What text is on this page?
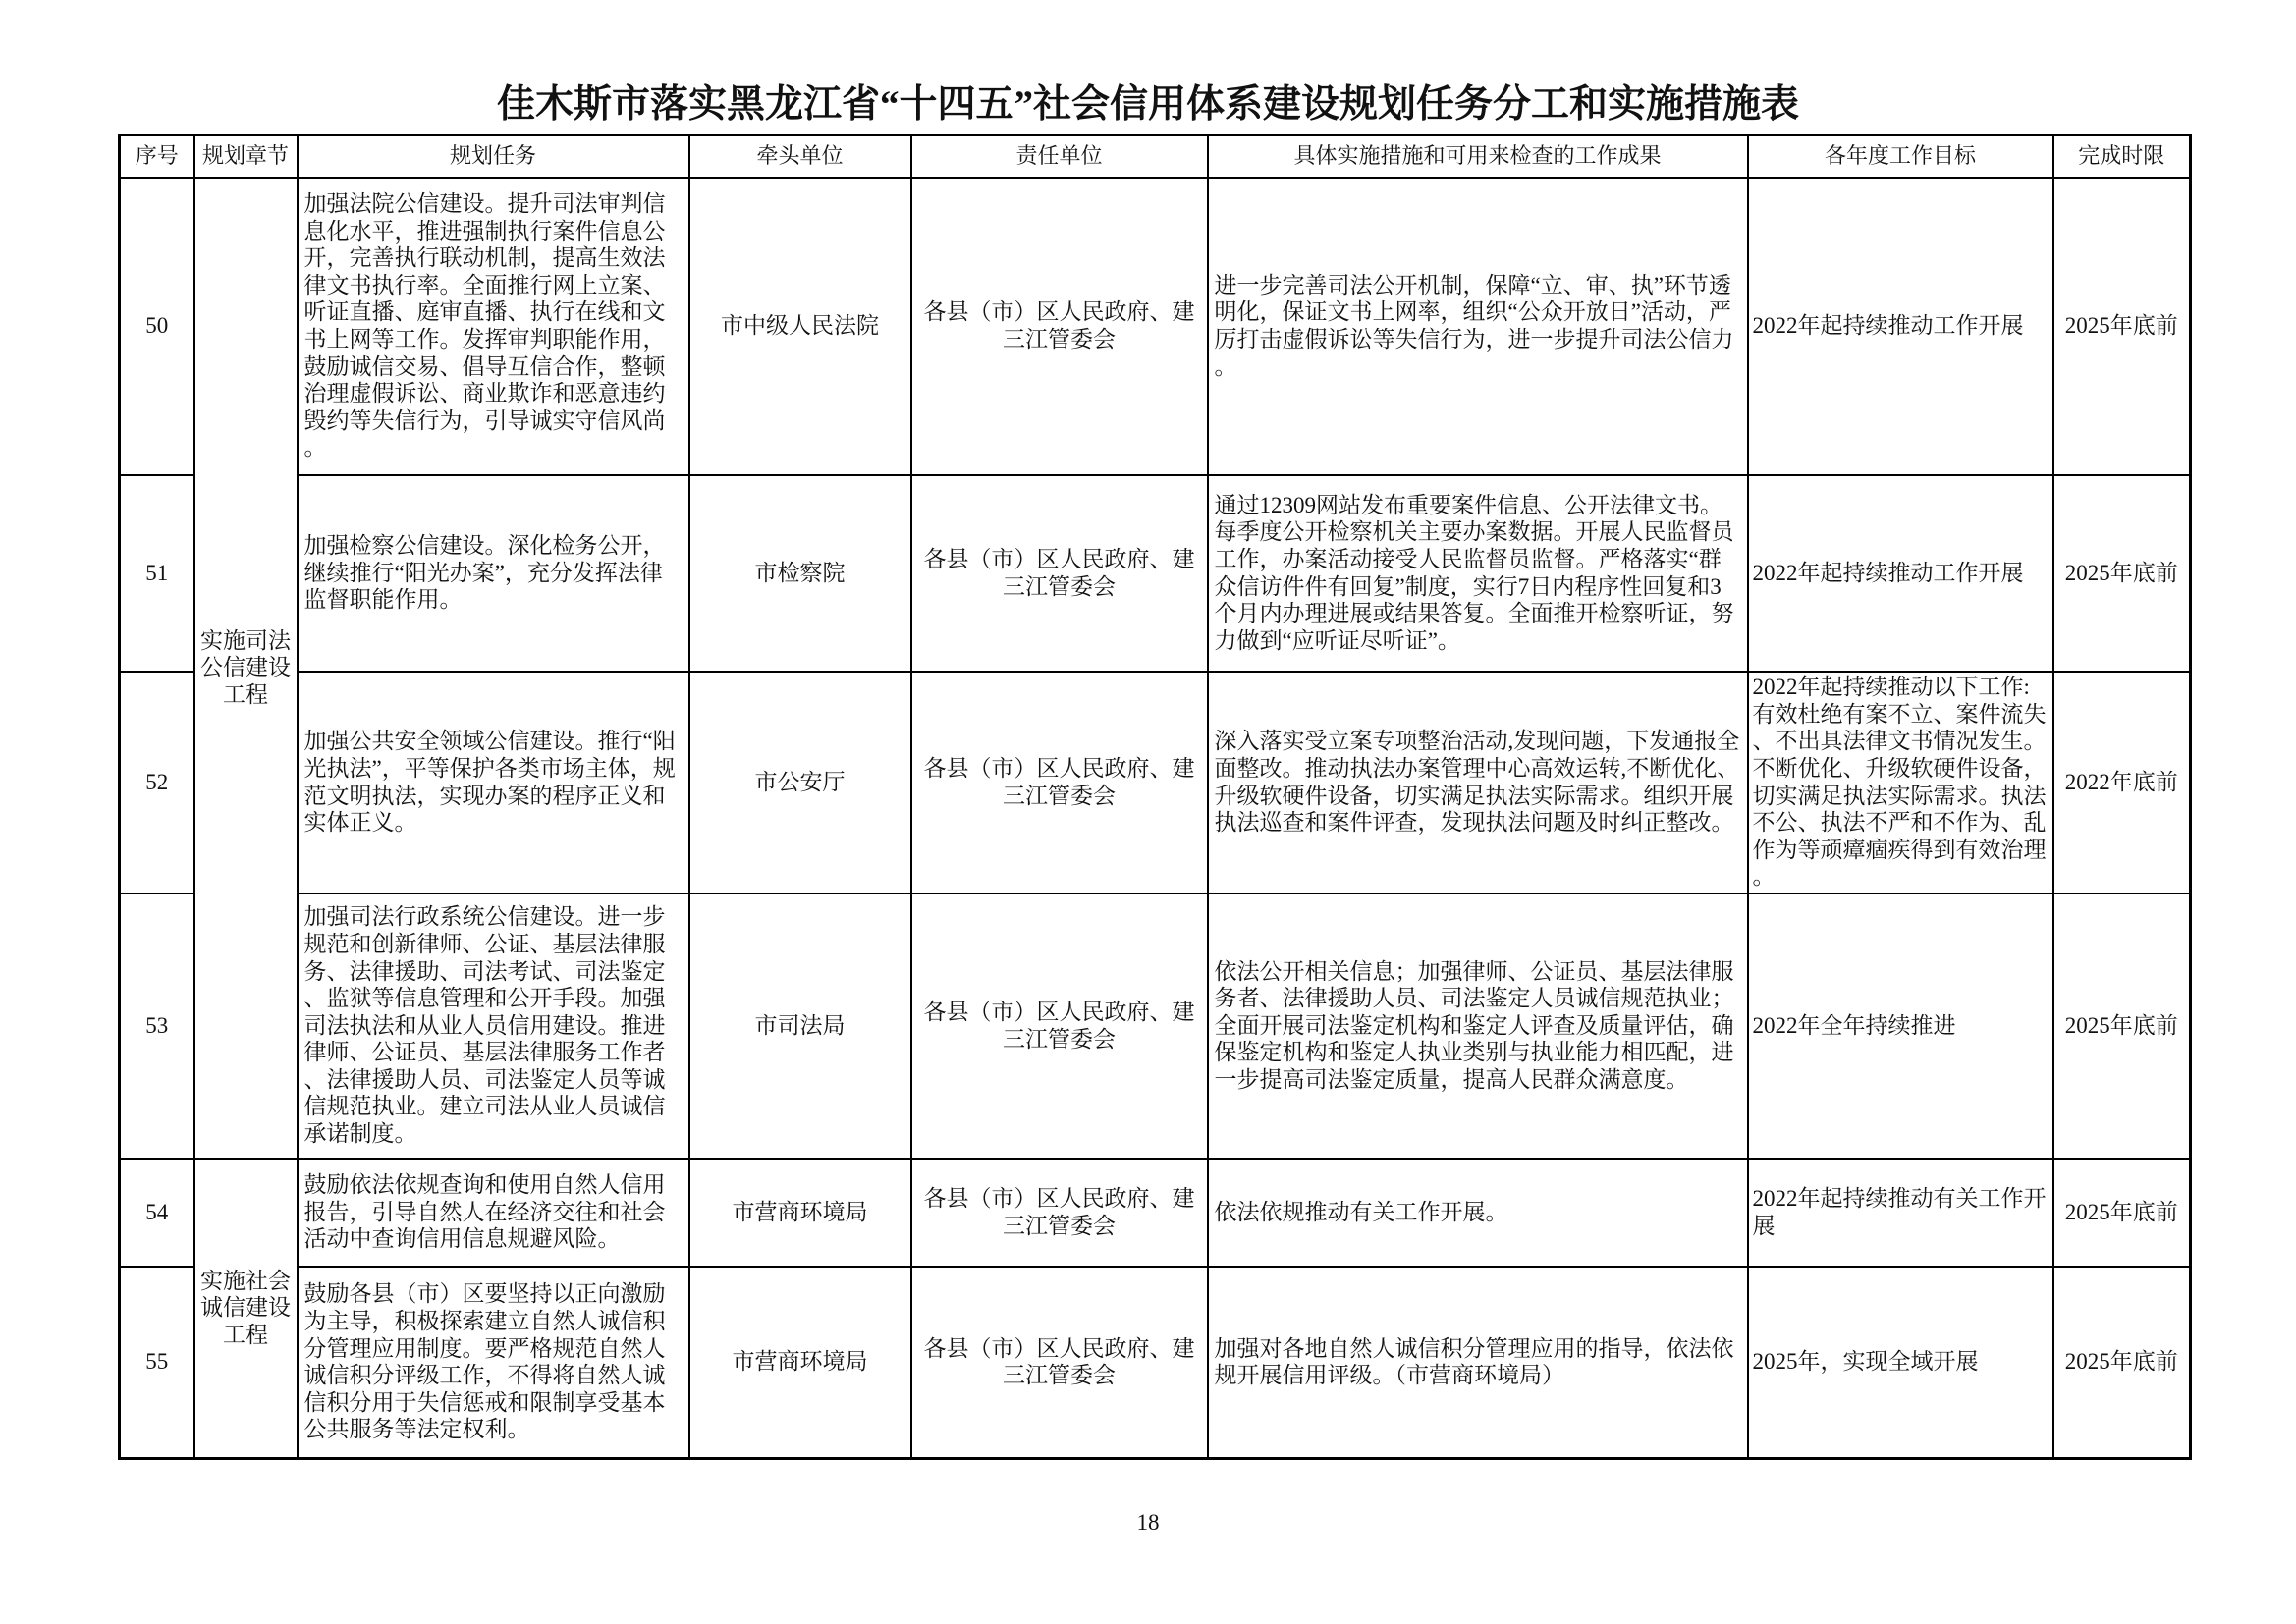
佳木斯市落实黑龙江省“十四五”社会信用体系建设规划任务分工和实施措施表
序号	规划章节	规划任务	牵头单位	责任单位	具体实施措施和可用来检查的工作成果	各年度工作目标	完成时限
50	实施司法公信建设工程	加强法院公信建设。提升司法审判信息化水平，推进强制执行案件信息公开，完善执行联动机制，提高生效法律文书执行率。全面推行网上立案、听证直播、庭审直播、执行在线和文书上网等工作。发挥审判职能作用，鼓励诚信交易、倡导互信合作，整顿治理虚假诉讼、商业欺诈和恶意违约毁约等失信行为，引导诚实守信风尚。	市中级人民法院	各县（市）区人民政府、建三江管委会	进一步完善司法公开机制，保障“立、审、执”环节透明化，保证文书上网率，组织“公众开放日”活动，严厉打击虚假诉讼等失信行为，进一步提升司法公信力。	2022年起持续推动工作开展	2025年底前
51		加强检察公信建设。深化检务公开，继续推行“阳光办案”，充分发挥法律监督职能作用。	市检察院	各县（市）区人民政府、建三江管委会	通过12309网站发布重要案件信息、公开法律文书。每季度公开检察机关主要办案数据。开展人民监督员工作，办案活动接受人民监督员监督。严格落实“群众信访件件有回复”制度，实行7日内程序性回复和3个月内办理进展或结果答复。全面推开检察听证，努力做到“应听证尽听证”。	2022年起持续推动工作开展	2025年底前
52		加强公共安全领域公信建设。推行“阳光执法”，平等保护各类市场主体，规范文明执法，实现办案的程序正义和实体正义。	市公安厅	各县（市）区人民政府、建三江管委会	深入落实受立案专项整治活动,发现问题，下发通报全面整改。推动执法办案管理中心高效运转,不断优化、升级软硬件设备，切实满足执法实际需求。组织开展执法巡查和案件评查，发现执法问题及时纠正整改。	2022年起持续推动以下工作:有效杜绝有案不立、案件流失、不出具法律文书情况发生。不断优化、升级软硬件设备，切实满足执法实际需求。执法不公、执法不严和不作为、乱作为等顽瘴痼疾得到有效治理。	2022年底前
53		加强司法行政系统公信建设。进一步规范和创新律师、公证、基层法律服务、法律援助、司法考试、司法鉴定、监狱等信息管理和公开手段。加强司法执法和从业人员信用建设。推进律师、公证员、基层法律服务工作者、法律援助人员、司法鉴定人员等诚信规范执业。建立司法从业人员诚信承诺制度。	市司法局	各县（市）区人民政府、建三江管委会	依法公开相关信息；加强律师、公证员、基层法律服务者、法律援助人员、司法鉴定人员诚信规范执业；全面开展司法鉴定机构和鉴定人评查及质量评估，确保鉴定机构和鉴定人执业类别与执业能力相匹配，进一步提高司法鉴定质量，提高人民群众满意度。	2022年全年持续推进	2025年底前
54	实施社会诚信建设工程	鼓励依法依规查询和使用自然人信用报告，引导自然人在经济交往和社会活动中查询信用信息规避风险。	市营商环境局	各县（市）区人民政府、建三江管委会	依法依规推动有关工作开展。	2022年起持续推动有关工作开展	2025年底前
55		鼓励各县（市）区要坚持以正向激励为主导，积极探索建立自然人诚信积分管理应用制度。要严格规范自然人诚信积分评级工作，不得将自然人诚信积分用于失信惩戒和限制享受基本公共服务等法定权利。	市营商环境局	各县（市）区人民政府、建三江管委会	加强对各地自然人诚信积分管理应用的指导，依法依规开展信用评级。（市营商环境局）	2025年，实现全域开展	2025年底前
18
